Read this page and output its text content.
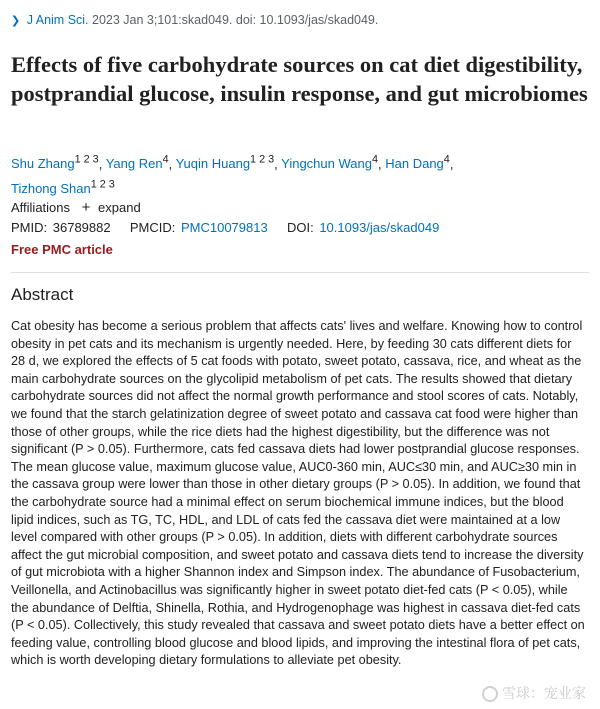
❯ J Anim Sci. 2023 Jan 3;101:skad049. doi: 10.1093/jas/skad049.
Effects of five carbohydrate sources on cat diet digestibility, postprandial glucose, insulin response, and gut microbiomes
Shu Zhang$^{1 2 3}$, Yang Ren$^4$, Yuqin Huang$^{1 2 3}$, Yingchun Wang$^4$, Han Dang$^4$,
Tizhong Shan$^{1 2 3}$
Affiliations + expand
PMID: 36789882 PMCID: PMC10079813 DOI: 10.1093/jas/skad049
Free PMC article
Abstract

Cat obesity has become a serious problem that affects cats' lives and welfare. Knowing how to control obesity in pet cats and its mechanism is urgently needed. Here, by feeding 30 cats different diets for 28 d, we explored the effects of 5 cat foods with potato, sweet potato, cassava, rice, and wheat as the main carbohydrate sources on the glycolipid metabolism of pet cats. The results showed that dietary carbohydrate sources did not affect the normal growth performance and stool scores of cats. Notably, we found that the starch gelatinization degree of sweet potato and cassava cat food were higher than those of other groups, while the rice diets had the highest digestibility, but the difference was not significant (P > 0.05). Furthermore, cats fed cassava diets had lower postprandial glucose responses. The mean glucose value, maximum glucose value, AUC0-360 min, AUC≤30 min, and AUC≥30 min in the cassava group were lower than those in other dietary groups (P > 0.05). In addition, we found that the carbohydrate source had a minimal effect on serum biochemical immune indices, but the blood lipid indices, such as TG, TC, HDL, and LDL of cats fed the cassava diet were maintained at a low level compared with other groups (P > 0.05). In addition, diets with different carbohydrate sources affect the gut microbial composition, and sweet potato and cassava diets tend to increase the diversity of gut microbiota with a higher Shannon index and Simpson index. The abundance of Fusobacterium, Veillonella, and Actinobacillus was significantly higher in sweet potato diet-fed cats (P < 0.05), while the abundance of Delftia, Shinella, Rothia, and Hydrogenophage was highest in cassava diet-fed cats (P < 0.05). Collectively, this study revealed that cassava and sweet potato diets have a better effect on feeding value, controlling blood glucose and blood lipids, and improving the intestinal flora of pet cats, which is worth developing dietary formulations to alleviate pet obesity.

雪球：宠业家
